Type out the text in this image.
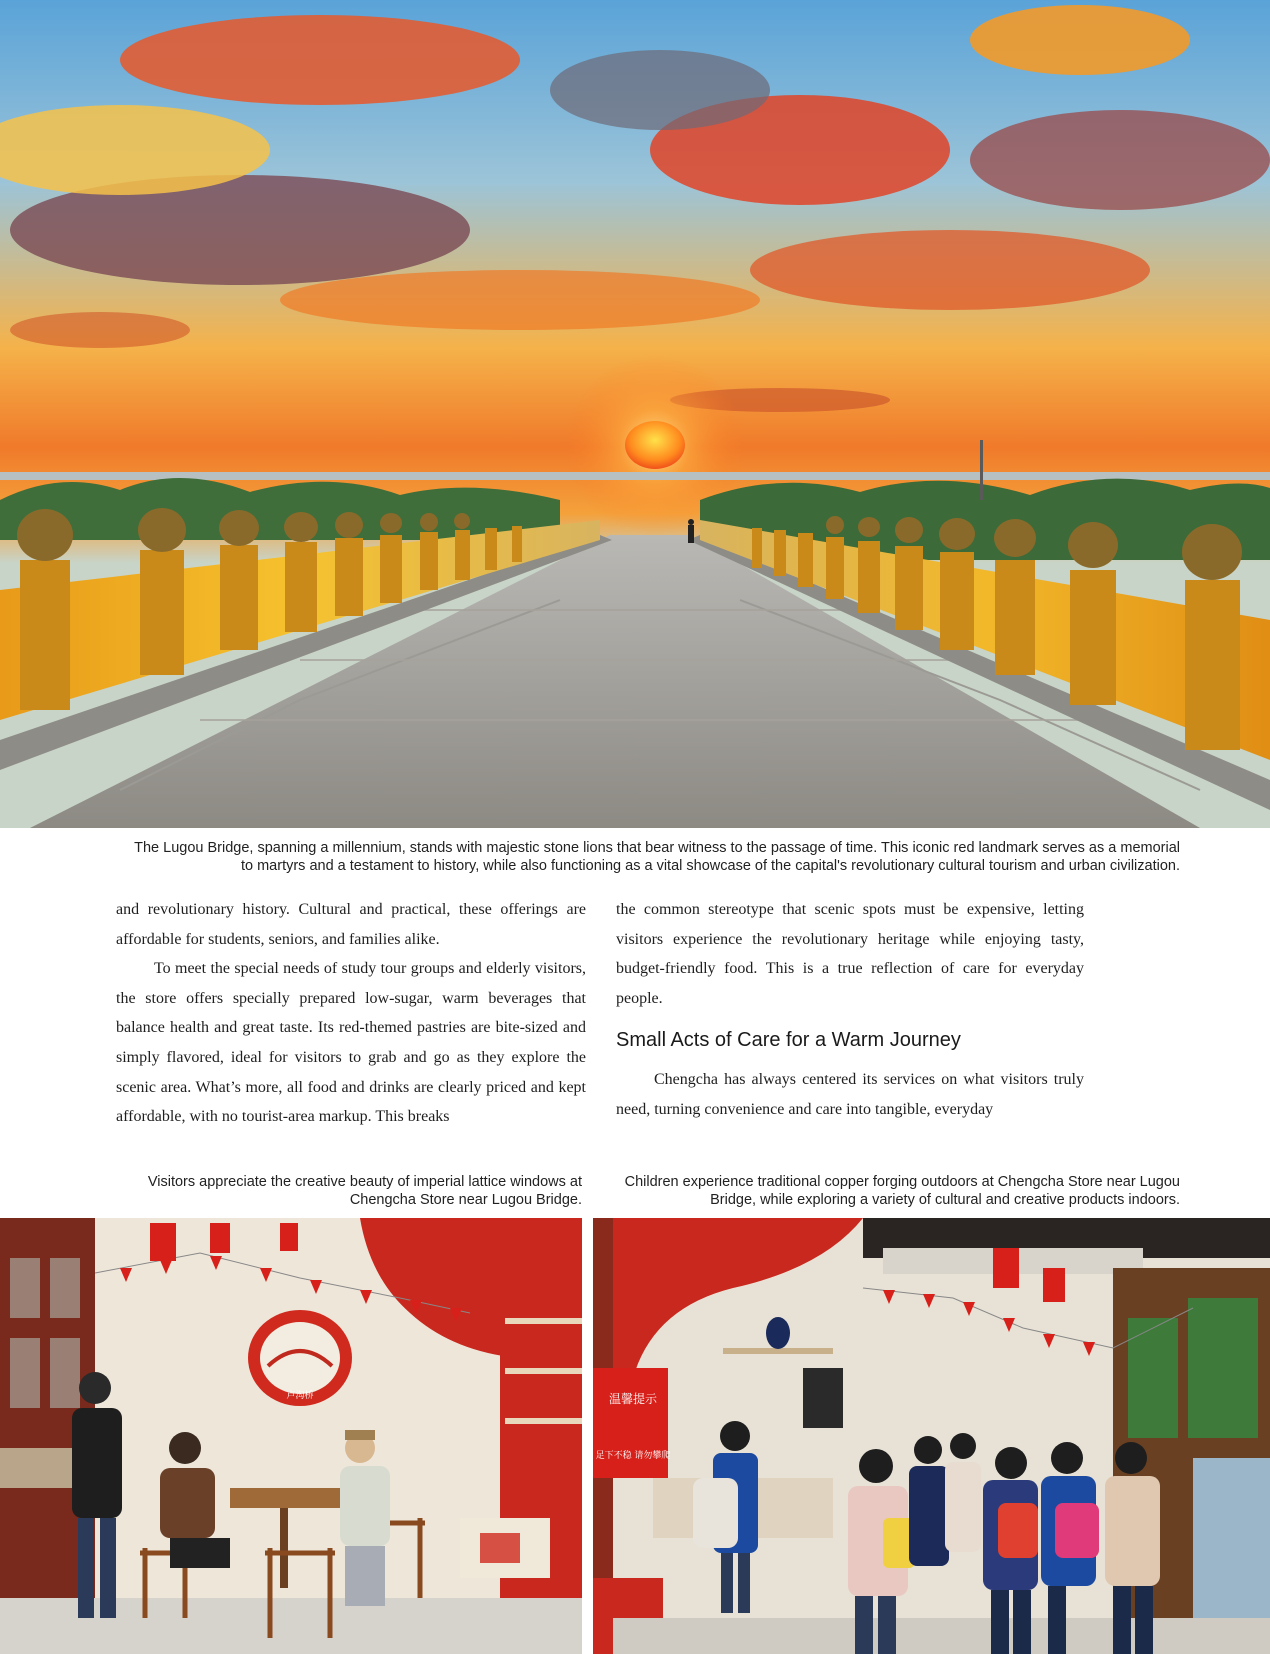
The Lugou Bridge, spanning a millennium, stands with majestic stone lions that bear witness to the passage of time. This iconic red landmark serves as a memorial
to martyrs and a testament to history, while also functioning as a vital showcase of the capital's revolutionary cultural tourism and urban civilization.

and revolutionary history. Cultural and practical, these offerings are affordable for students, seniors, and families alike.

To meet the special needs of study tour groups and elderly visitors, the store offers specially prepared low-sugar, warm beverages that balance health and great taste. Its red-themed pastries are bite-sized and simply flavored, ideal for visitors to grab and go as they explore the scenic area. What’s more, all food and drinks are clearly priced and kept affordable, with no tourist-area markup. This breaks

the common stereotype that scenic spots must be expensive, letting visitors experience the revolutionary heritage while enjoying tasty, budget-friendly food. This is a true reflection of care for everyday people.

Small Acts of Care for a Warm Journey

Chengcha has always centered its services on what visitors truly need, turning convenience and care into tangible, everyday

Visitors appreciate the creative beauty of imperial lattice windows at
Chengcha Store near Lugou Bridge.

Children experience traditional copper forging outdoors at Chengcha Store near Lugou
Bridge, while exploring a variety of cultural and creative products indoors.

卢沟桥	温馨提示
足下不稳 请勿攀爬
